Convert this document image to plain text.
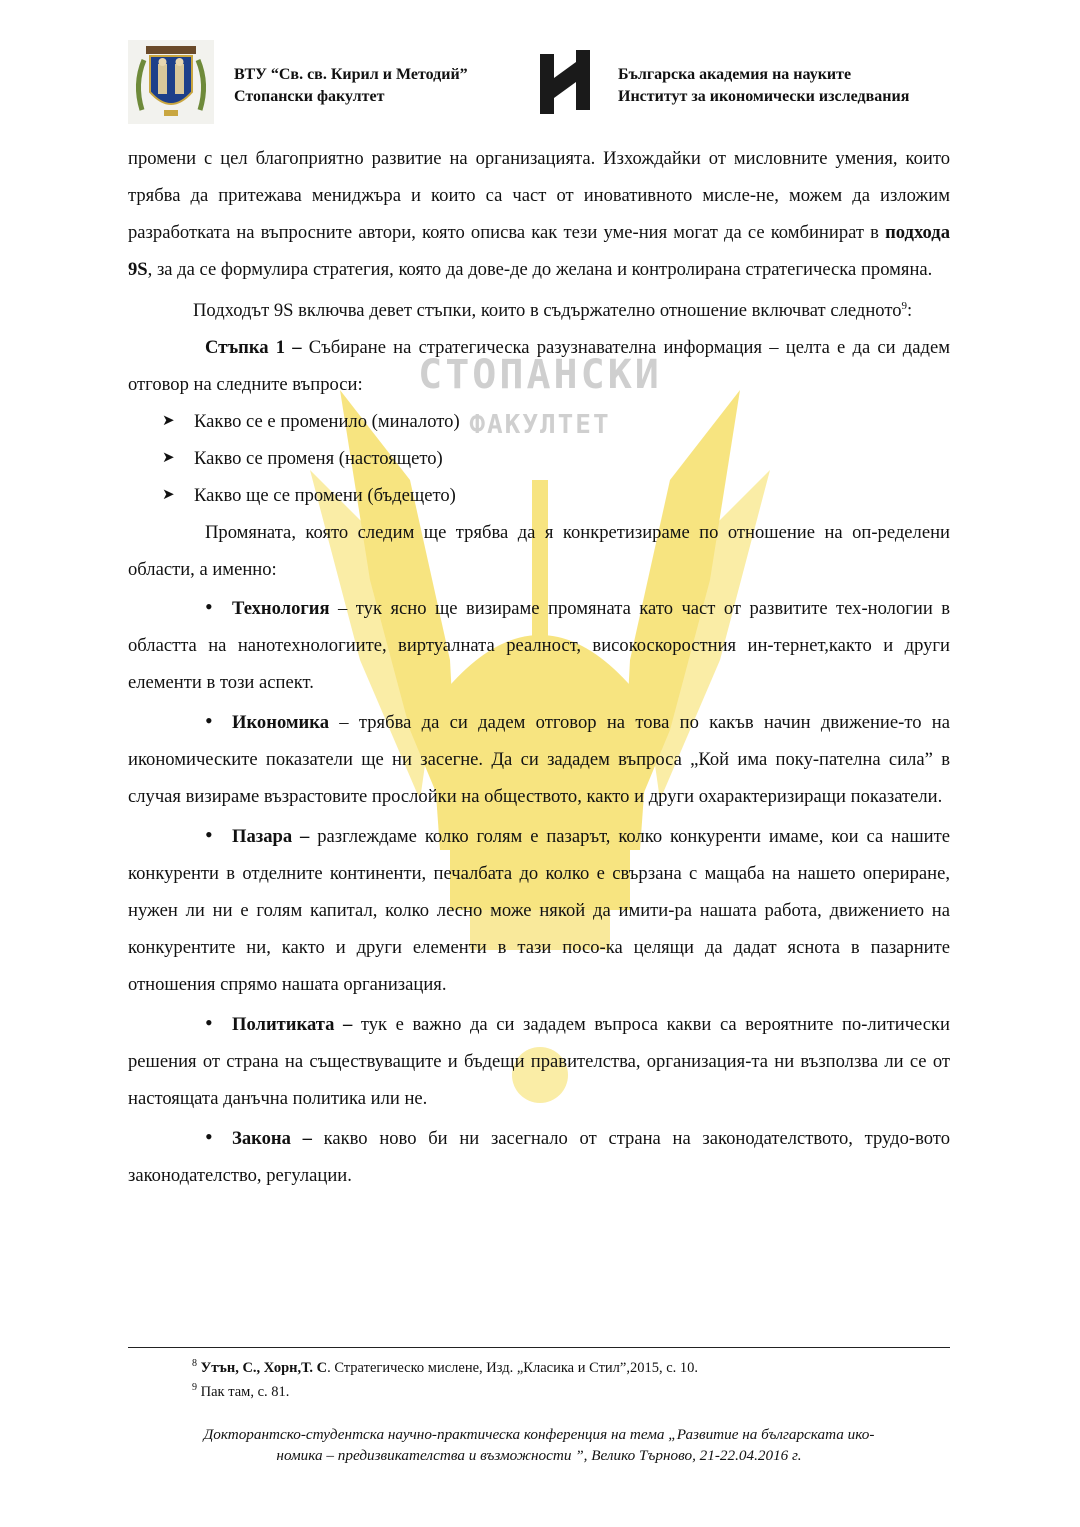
ВТУ “Св. св. Кирил и Методий”
Стопански факултет
Българска академия на науките
Институт за икономически изследвания
СТОПАНСКИ
ФАКУЛТЕТ

промени с цел благоприятно развитие на организацията. Изхождайки от мисловните умения, които трябва да притежава мениджъра и които са част от иновативното мисле-не, можем да изложим разработката на въпросните автори, която описва как тези уме-ния могат да се комбинират в подхода 9S, за да се формулира стратегия, която да дове-де до желана и контролирана стратегическа промяна.

Подходът 9S включва девет стъпки, които в съдържателно отношение включват следното$^9$:

Стъпка 1 – Събиране на стратегическа разузнавателна информация – целта е да си дадем отговор на следните въпроси:

➤ Какво се е променило (миналото)
➤ Какво се променя (настоящето)
➤ Какво ще се промени (бъдещето)

Промяната, която следим ще трябва да я конкретизираме по отношение на оп-ределени области, а именно:

•Технология – тук ясно ще визираме промяната като част от развитите тех-нологии в областта на нанотехнологиите, виртуалната реалност, високоскоростния ин-тернет,както и други елементи в този аспект.

•Икономика – трябва да си дадем отговор на това по какъв начин движение-то на икономическите показатели ще ни засегне. Да си зададем въпроса „Кой има поку-пателна сила” в случая визираме възрастовите прослойки на обществото, както и други охарактеризиращи показатели.

•Пазара – разглеждаме колко голям е пазарът, колко конкуренти имаме, кои са нашите конкуренти в отделните континенти, печалбата до колко е свързана с мащаба на нашето опериране, нужен ли ни е голям капитал, колко лесно може някой да имити-ра нашата работа, движението на конкурентите ни, както и други елементи в тази посо-ка целящи да дадат яснота в пазарните отношения спрямо нашата организация.

•Политиката – тук е важно да си зададем въпроса какви са вероятните по-литически решения от страна на съществуващите и бъдещи правителства, организация-та ни възползва ли се от настоящата данъчна политика или не.

•Закона – какво ново би ни засегнало от страна на законодателството, трудо-вото законодателство, регулации.

$^8$ Утън, С., Хорн,Т. С. Стратегическо мислене, Изд. „Класика и Стил”,2015, с. 10.
$^9$ Пак там, с. 81.
Докторантско-студентска научно-практическа конференция на тема „Развитие на българската ико-
номика – предизвикателства и възможности ”, Велико Търново, 21-22.04.2016 г.
